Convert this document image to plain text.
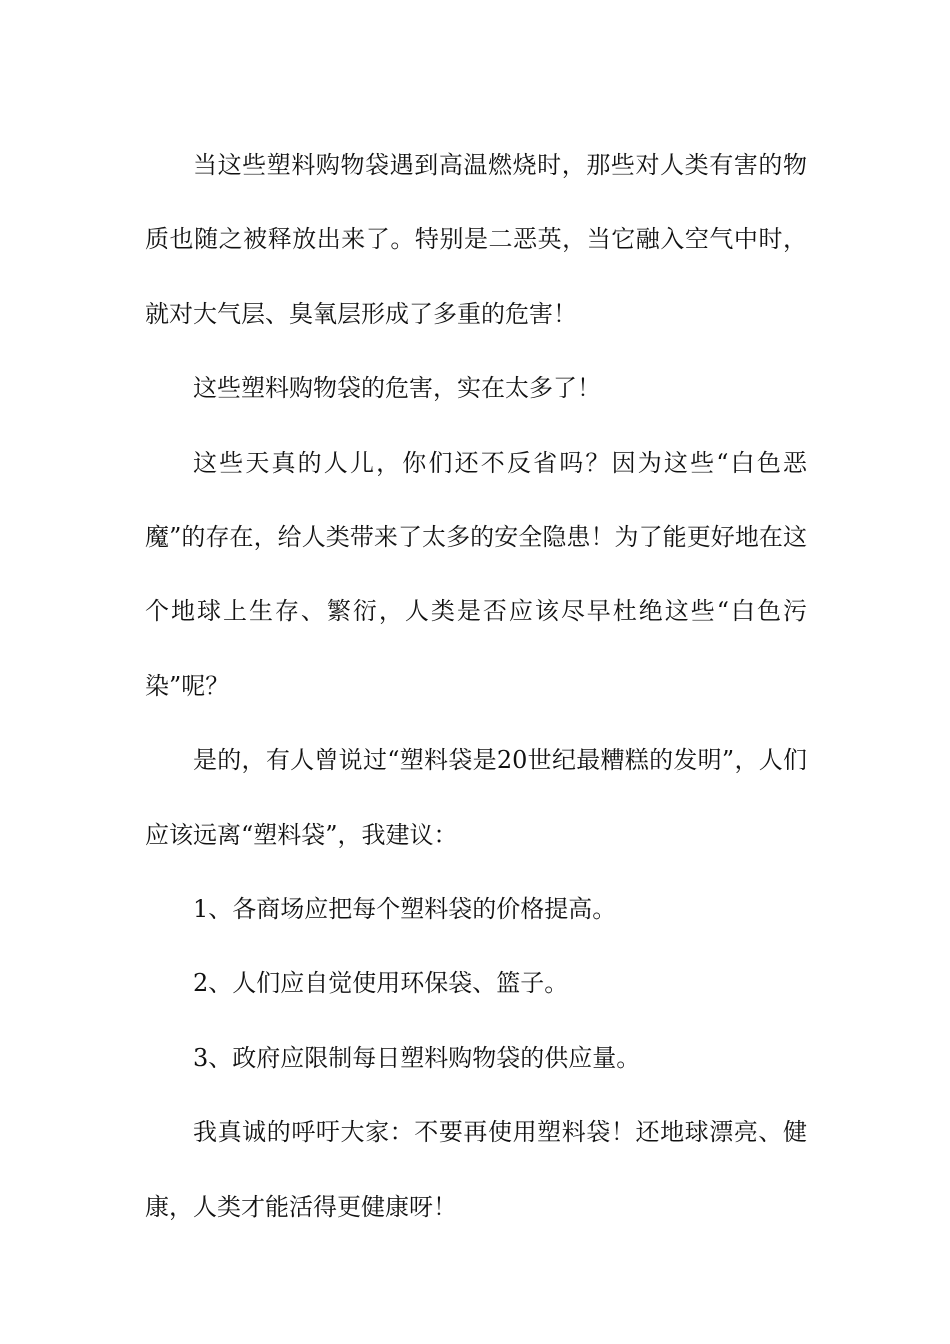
当这些塑料购物袋遇到高温燃烧时，那些对人类有害的物质也随之被释放出来了。特别是二恶英，当它融入空气中时，就对大气层、臭氧层形成了多重的危害！

这些塑料购物袋的危害，实在太多了！

这些天真的人儿，你们还不反省吗？因为这些“白色恶魔”的存在，给人类带来了太多的安全隐患！为了能更好地在这个地球上生存、繁衍，人类是否应该尽早杜绝这些“白色污染”呢？

是的，有人曾说过“塑料袋是20世纪最糟糕的发明”，人们应该远离“塑料袋”，我建议：

1、各商场应把每个塑料袋的价格提高。

2、人们应自觉使用环保袋、篮子。

3、政府应限制每日塑料购物袋的供应量。

我真诚的呼吁大家：不要再使用塑料袋！还地球漂亮、健康，人类才能活得更健康呀！
